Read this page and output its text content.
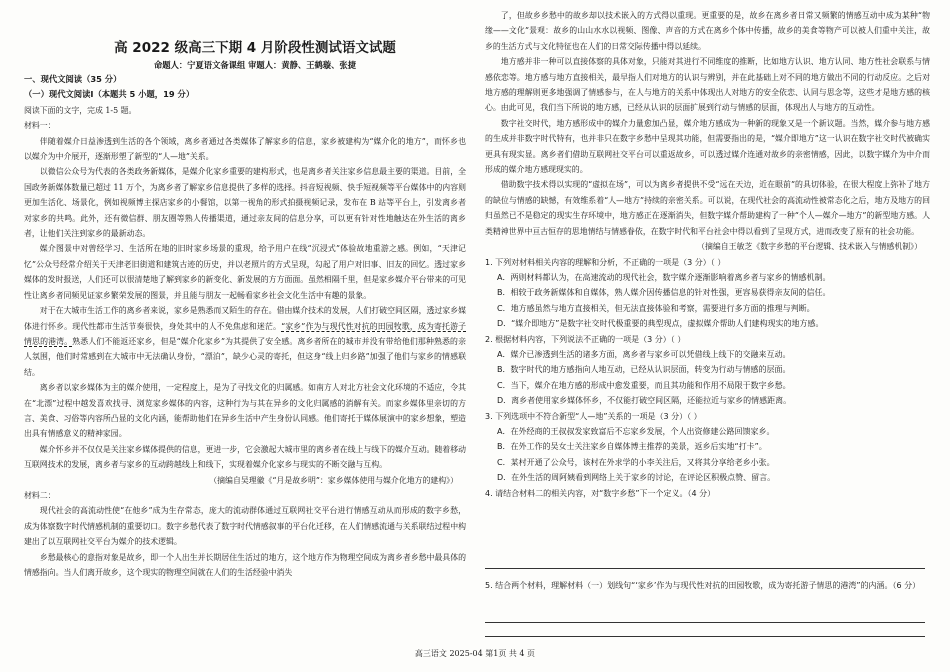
高 2022 级高三下期 4 月阶段性测试语文试题
命题人：宁夏语文备课组 审题人：黄静、王鹤璇、张捷
一、现代文阅读（35 分）
（一）现代文阅读Ⅰ（本题共 5 小题，19 分）
阅读下面的文字，完成 1-5 题。
材料一：
伴随着媒介日益渗透到生活的各个领域，离乡者通过各类媒体了解家乡的信息，家乡被建构为“媒介化的地方”，而怀乡也以媒介为中介展开，逐渐形塑了新型的“人—地”关系。
以微信公众号为代表的各类政务新媒体，是媒介化家乡重要的建构形式，也是离乡者关注家乡信息最主要的渠道。目前，全国政务新媒体数量已超过 11 万个，为离乡者了解家乡信息提供了多样的选择。抖音短视频、快手短视频等平台媒体中的内容则更加生活化、场景化，例如视频博主探店家乡的小餐馆，以第一视角的形式拍摄视频记录，发布在 B 站等平台上，引发离乡者对家乡的共鸣。此外，还有微信群、朋友圈等熟人传播渠道，通过亲友间的信息分享，可以更有针对性地触达在外生活的离乡者，让他们关注到家乡的最新动态。
媒介图景中对曾经学习、生活所在地的旧时家乡场景的重现，给予用户在线“沉浸式”体验故地重游之感。例如，“天津记忆”公众号经常介绍关于天津老旧街道和建筑古迹的历史，并以老照片的方式呈现，勾起了用户对旧事、旧友的回忆。透过家乡媒体的发时报送，人们还可以很清楚地了解到家乡的新变化、新发展的方方面面。虽然相隔千里，但是家乡媒介平台带来的可见性让离乡者同频见证家乡繁荣发展的图景，并且能与朋友一起畅看家乡社会文化生活中有趣的景象。
对于在大城市生活工作的离乡者来说，家乡是熟悉而又陌生的存在。借由媒介技术的发展，人们打破空间区隔，透过家乡媒体进行怀乡。现代性都市生活节奏很快，身处其中的人不免焦虑和迷茫。“家乡”作为与现代性对抗的田园牧歌，成为寄托游子情思的港湾。熟悉人们不能返还家乡，但是“媒介化家乡”为其提供了安全感。离乡者所在的城市并没有带给他们那种熟悉的亲人氛围，他们时常感到在大城市中无法确认身份，“漂泊”，缺少心灵的寄托，但这身“线上归乡路”加强了他们与家乡的情感联结。
离乡者以家乡媒体为主的媒介使用，一定程度上，是为了寻找文化的归属感。如南方人对北方社会文化环境的不适应，令其在“北漂”过程中越发喜欢找寻、浏览家乡媒体的内容，这种行为与其在异乡的文化归属感的消解有关。而家乡媒体里亲切的方言、美食、习俗等内容所凸显的文化内涵，能帮助他们在异乡生活中产生身份认同感。他们寄托于媒体展演中的家乡想象，塑造出具有情感意义的精神家园。
媒介怀乡并不仅仅是关注家乡媒体提供的信息，更进一步，它会激起大城市里的离乡者在线上与线下的媒介互动。随着移动互联网技术的发展，离乡者与家乡的互动跨越线上和线下，实现着媒介化家乡与现实的不断交融与互构。
（摘编自吴理徽《“月是故乡明”：家乡媒体使用与媒介化地方的建构》）
材料二：
现代社会的高流动性使“在他乡”成为生存常态，庞大的流动群体通过互联网社交平台进行情感互动从而形成的数字乡愁，成为体察数字时代情感机制的重要切口。数字乡愁代表了数字时代情感叙事的平台化迁移，在人们情感流通与关系联结过程中构建出了以互联网社交平台为媒介的技术逻辑。
乡愁最核心的意指对象是故乡，即一个人出生并长期居住生活过的地方，这个地方作为物理空间成为离乡者乡愁中最具体的情感指向。当人们离开故乡，这个现实的物理空间就在人们的生活经验中消失
了，但故乡乡愁中的故乡却以技术嵌入的方式得以重现。更重要的是，故乡在离乡者日常又频繁的情感互动中成为某种“物缘——文化”景观：故乡的山山水水以视频、图像、声音的方式在离乡个体中传播，故乡的美食等物产可以被人们重中关注，故乡的生活方式与文化特征也在人们的日常交际传播中得以延续。
地方感并非一种可以直接体察的具体对象，只能对其进行不同维度的推断，比如地方认识、地方认同、地方性社会联系与情感依恋等。地方感与地方直接相关，最早指人们对地方的认识与辨别，并在此基础上对不同的地方做出不同的行动反应。之后对地方感的理解则更多地强调了情感参与，在人与地方的关系中体现出人对地方的安全依恋、认同与思念等，这些才是地方感的核心。由此可见，我们当下所说的地方感，已经从认识的层面扩展到行动与情感的层面，体现出人与地方的互动性。
数字社交时代，地方感形成中的媒介力量愈加凸显，媒介地方感成为一种新的现象又是一个新议题。当然，媒介参与地方感的生成并非数字时代特有，也并非只在数字乡愁中呈现其功能，但需要指出的是，“媒介即地方”这一认识在数字社交时代被确实更具有现实显。离乡者们借助互联网社交平台可以重返故乡，可以透过媒介连通对故乡的亲密情感，因此，以数字媒介为中介而形成的媒介地方感现现实的。
借助数字技术得以实现的“虚拟在场”，可以为离乡者提供不受“远在天边，近在眼前”的具切体验，在很大程度上弥补了地方的缺位与情感的缺憾，有效维系着“人—地方”持续的亲密关系。可以说，在现代社会的高流动性被常态化之后，地方及地方的回归虽然已不是稳定的现实生存环境中，地方感正在逐渐消失，但数字媒介帮助建构了一种“个人—媒介—地方”的新型地方感。人类精神世界中亘古恒存的思地情结与情感眷依，在数字时代和平台社会中得以看到了呈现方式，进而改变了原有的社会功能。
（摘编自王敏芝《数字乡愁的平台逻辑、技术嵌入与情感机制》）
1. 下列对材料相关内容的理解和分析，不正确的一项是（3 分）（ ）
A．两则材料都认为，在高速流动的现代社会，数字媒介逐渐影响着离乡者与家乡的情感机制。
B．相较于政务新媒体和自媒体，熟人媒介因传播信息的针对性强，更容易获得亲友间的信任。
C．地方感虽然与地方直接相关，但无法直接体验和考察，需要进行多方面的推理与判断。
D．“媒介即地方”是数字社交时代极重要的典型现点，虚拟媒介帮助人们建构现实的地方感。
2. 根据材料内容，下列说法不正确的一项是（3 分）（ ）
A．媒介已渗透到生活的诸多方面，离乡者与家乡可以凭借线上线下的交融来互动。
B．数字时代的地方感指向人地互动，已经从认识层面，转变为行动与情感的层面。
C．当下，媒介在地方感的形成中愈发重要，而且其功能和作用不局限于数字乡愁。
D．离乡者使用家乡媒体怀乡，不仅能打破空间区隔，还能拉近与家乡的情感距离。
3. 下列选项中不符合新型“人—地”关系的一项是（3 分）（ ）
A．在外经商的王叔叔发家致富后不忘家乡发展，个人出资修建公路回馈家乡。
B．在外工作的吴女士关注家乡自媒体博主推荐的美景，返乡后实地“打卡”。
C．某村开通了公众号，该村在外求学的小李关注后，又将其分享给老乡小张。
D．在外生活的周阿姨看到网络上关于家乡的讨论，在评论区积极点赞、留言。
4. 请结合材料二的相关内容，对“数字乡愁”下一个定义。（4 分）
5. 结合两个材料，理解材料（一）划线句“‘家乡’作为与现代性对抗的田园牧歌，成为寄托游子情思的港湾”的内涵。（6 分）
高三语文 2025-04 第1页 共 4 页
